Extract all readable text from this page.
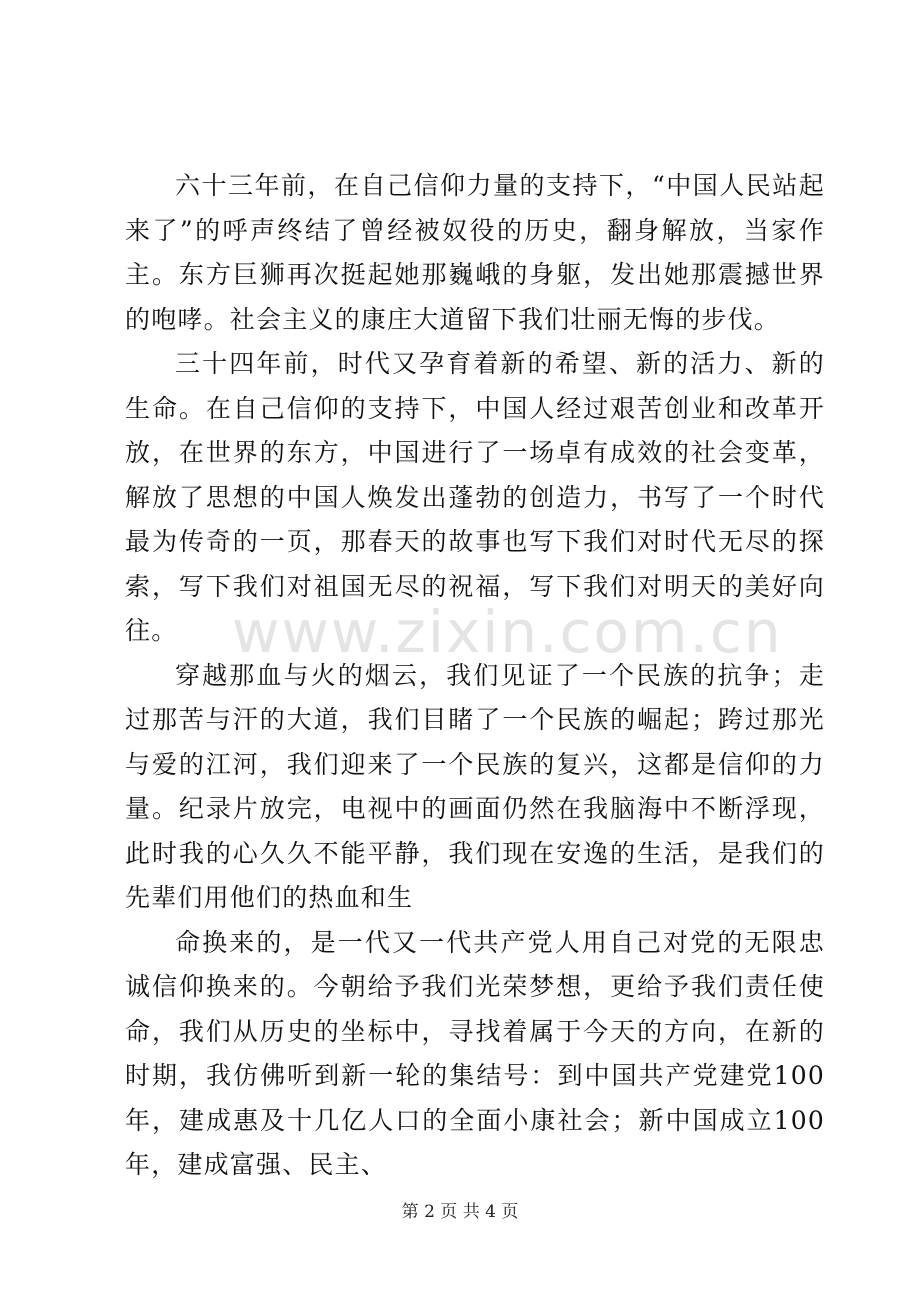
www.zixin.com.cn

六十三年前，在自己信仰力量的支持下，“中国人民站起来了”的呼声终结了曾经被奴役的历史，翻身解放，当家作主。东方巨狮再次挺起她那巍峨的身躯，发出她那震撼世界的咆哮。社会主义的康庄大道留下我们壮丽无悔的步伐。

三十四年前，时代又孕育着新的希望、新的活力、新的生命。在自己信仰的支持下，中国人经过艰苦创业和改革开放，在世界的东方，中国进行了一场卓有成效的社会变革，解放了思想的中国人焕发出蓬勃的创造力，书写了一个时代最为传奇的一页，那春天的故事也写下我们对时代无尽的探索，写下我们对祖国无尽的祝福，写下我们对明天的美好向往。

穿越那血与火的烟云，我们见证了一个民族的抗争；走过那苦与汗的大道，我们目睹了一个民族的崛起；跨过那光与爱的江河，我们迎来了一个民族的复兴，这都是信仰的力量。纪录片放完，电视中的画面仍然在我脑海中不断浮现，此时我的心久久不能平静，我们现在安逸的生活，是我们的先辈们用他们的热血和生

命换来的，是一代又一代共产党人用自己对党的无限忠诚信仰换来的。今朝给予我们光荣梦想，更给予我们责任使命，我们从历史的坐标中，寻找着属于今天的方向，在新的时期，我仿佛听到新一轮的集结号：到中国共产党建党100年，建成惠及十几亿人口的全面小康社会；新中国成立100年，建成富强、民主、

第 2 页 共 4 页
